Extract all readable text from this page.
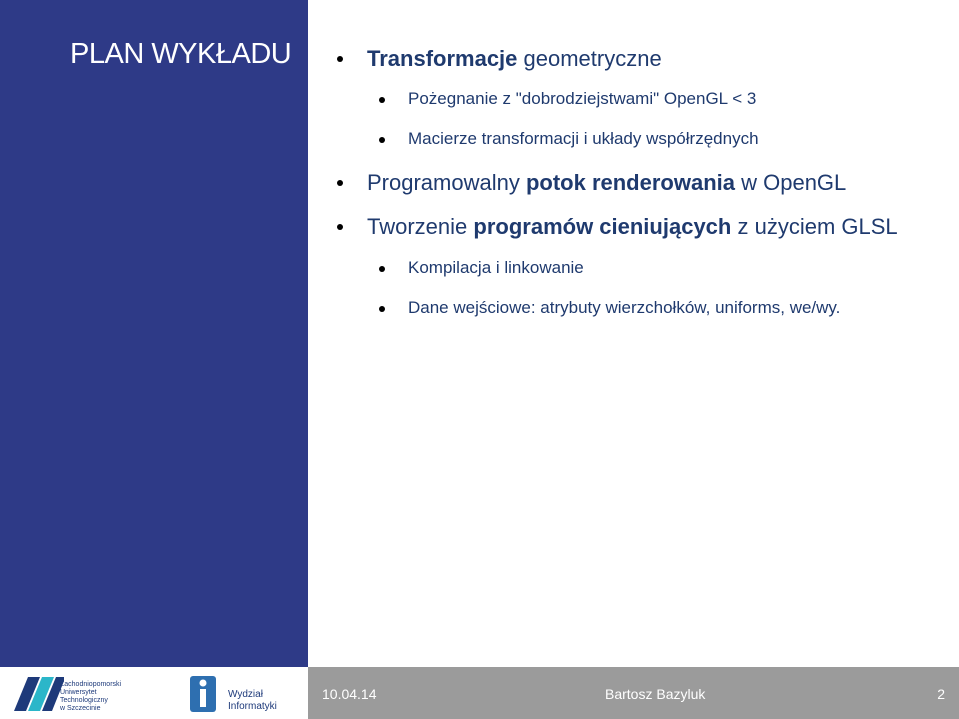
PLAN WYKŁADU	Transformacje geometryczne
Pożegnanie z "dobrodziejstwami" OpenGL < 3
Macierze transformacji i układy współrzędnych
Programowalny potok renderowania w OpenGL
Tworzenie programów cieniujących z użyciem GLSL
Kompilacja i linkowanie
Dane wejściowe: atrybuty wierzchołków, uniforms, we/wy.
Zachodniopomorski
Uniwersytet
Technologiczny
w Szczecinie
Wydział
Informatyki
10.04.14	Bartosz Bazyluk	2
